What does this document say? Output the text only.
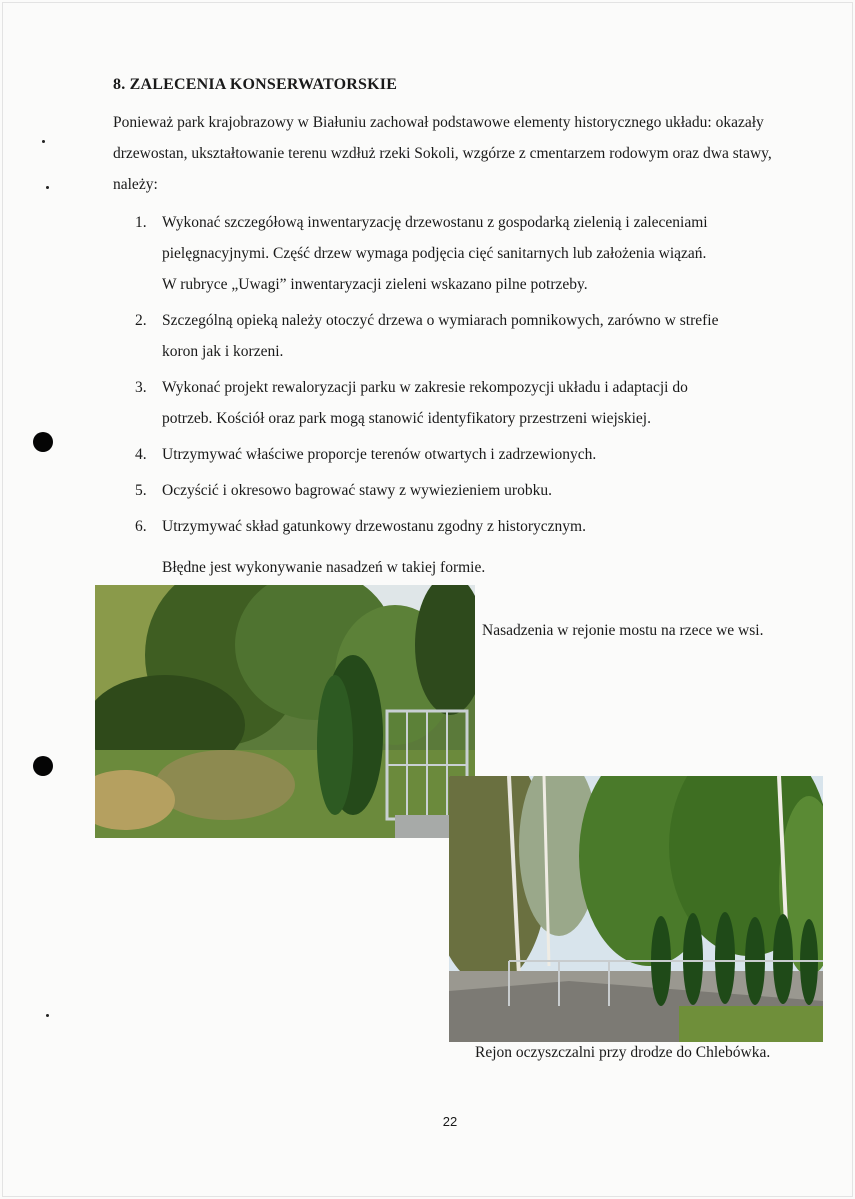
8. ZALECENIA KONSERWATORSKIE

Ponieważ park krajobrazowy w Białuniu zachował podstawowe elementy historycznego układu: okazały drzewostan, ukształtowanie terenu wzdłuż rzeki Sokoli, wzgórze z cmentarzem rodowym oraz dwa stawy, należy:

1. Wykonać szczegółową inwentaryzację drzewostanu z gospodarką zielenią i zaleceniami
pielęgnacyjnymi. Część drzew wymaga podjęcia cięć sanitarnych lub założenia wiązań.
W rubryce „Uwagi” inwentaryzacji zieleni wskazano pilne potrzeby.
2. Szczególną opieką należy otoczyć drzewa o wymiarach pomnikowych, zarówno w strefie
koron jak i korzeni.
3. Wykonać projekt rewaloryzacji parku w zakresie rekompozycji układu i adaptacji do
potrzeb. Kościół oraz park mogą stanowić identyfikatory przestrzeni wiejskiej.
4. Utrzymywać właściwe proporcje terenów otwartych i zadrzewionych.
5. Oczyścić i okresowo bagrować stawy z wywiezieniem urobku.
6. Utrzymywać skład gatunkowy drzewostanu zgodny z historycznym.
Błędne jest wykonywanie nasadzeń w takiej formie.
Nasadzenia w rejonie mostu na rzece we wsi.
Rejon oczyszczalni przy drodze do Chlebówka.
22
